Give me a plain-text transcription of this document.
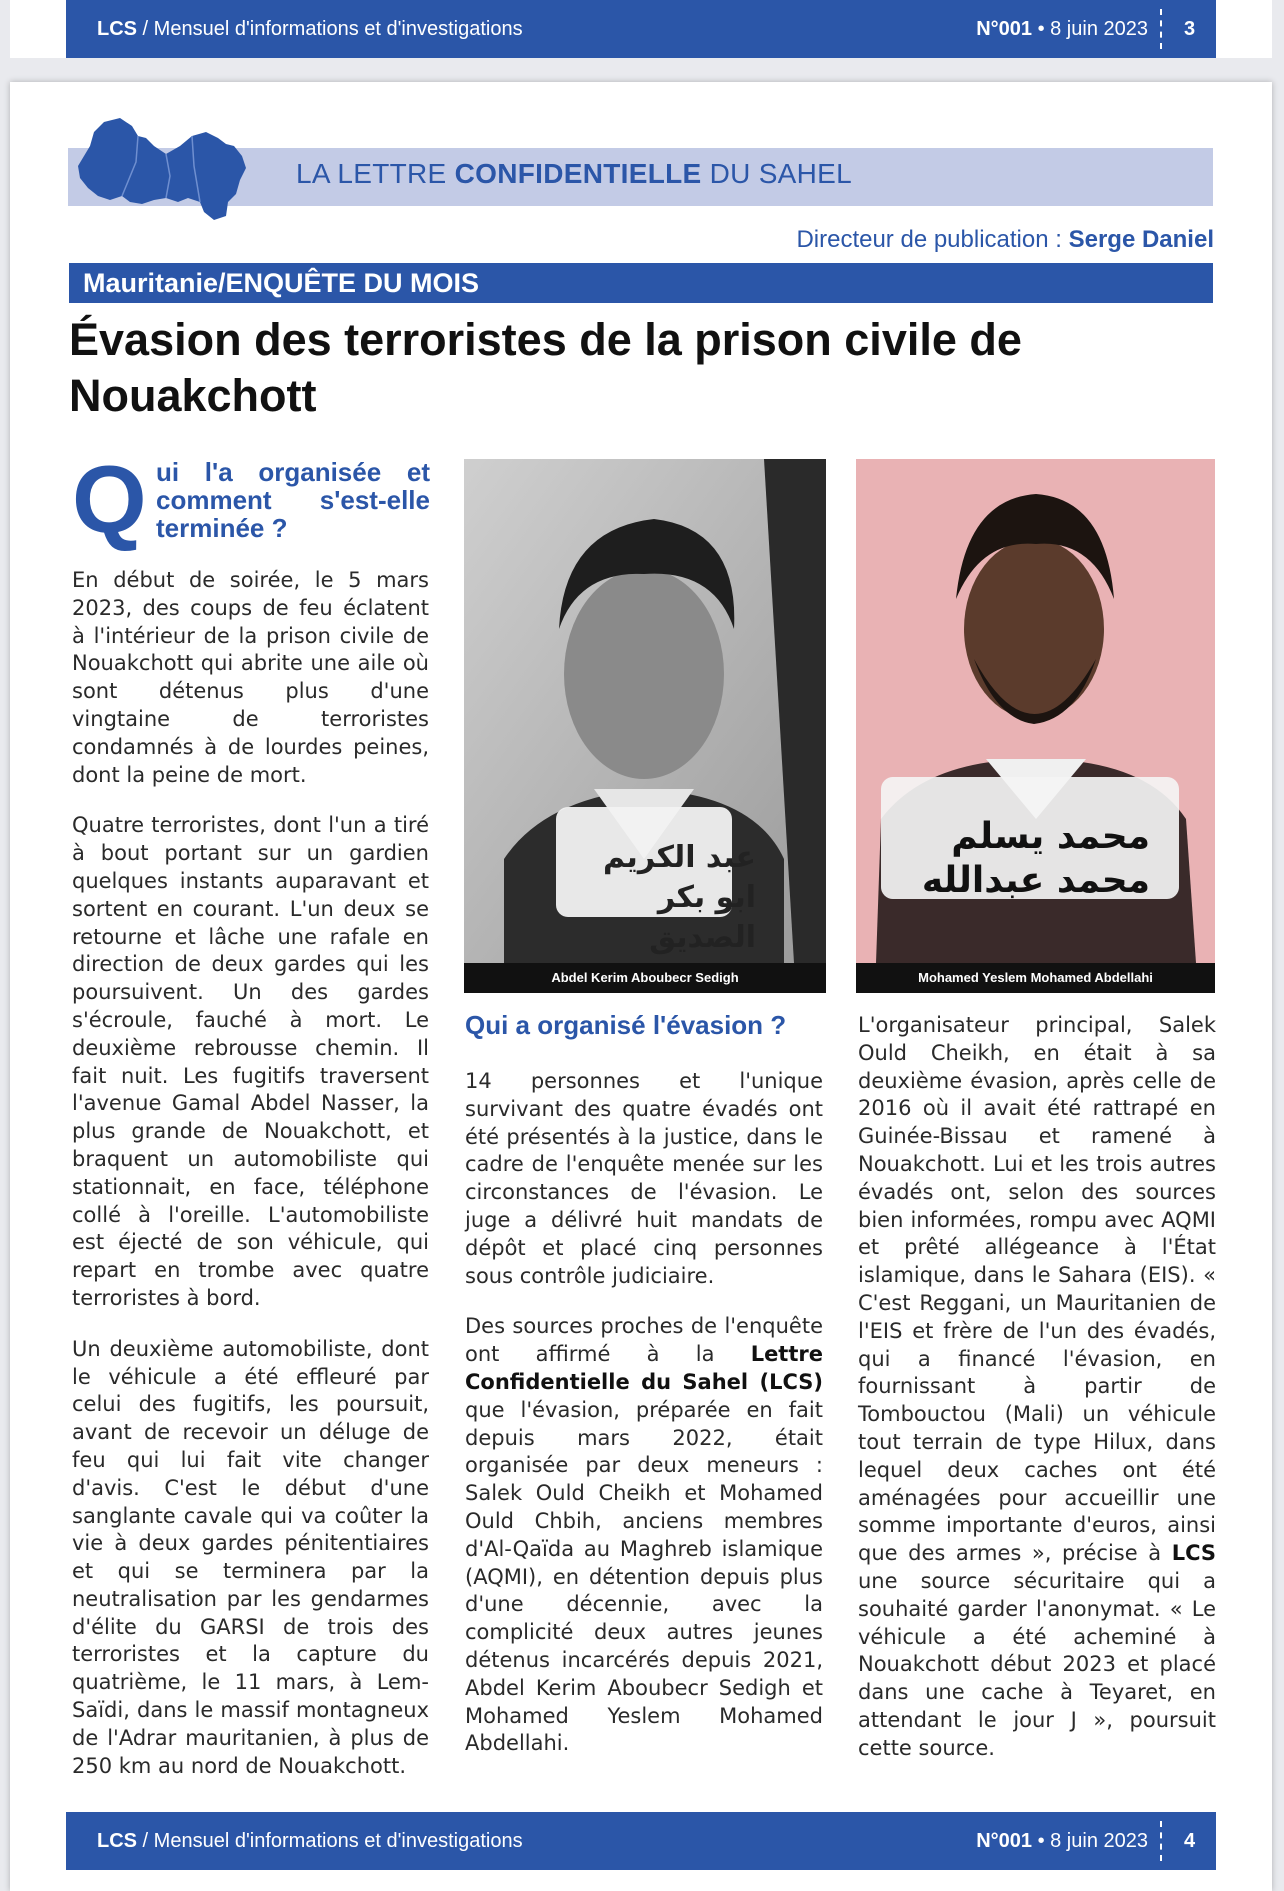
LCS / Mensuel d'informations et d'investigations	N°001 • 8 juin 2023 3
LA LETTRE CONFIDENTIELLE DU SAHEL
Directeur de publication : Serge Daniel
Mauritanie/ENQUÊTE DU MOIS
Évasion des terroristes de la prison civile de Nouakchott
Q ui l'a organisée et comment s'est-elle terminée ?

En début de soirée, le 5 mars 2023, des coups de feu éclatent à l'intérieur de la prison civile de Nouakchott qui abrite une aile où sont détenus plus d'une vingtaine de terroristes condamnés à de lourdes peines, dont la peine de mort.

Quatre terroristes, dont l'un a tiré à bout portant sur un gardien quelques instants auparavant et sortent en courant. L'un deux se retourne et lâche une rafale en direction de deux gardes qui les poursuivent. Un des gardes s'écroule, fauché à mort. Le deuxième rebrousse chemin. Il fait nuit. Les fugitifs traversent l'avenue Gamal Abdel Nasser, la plus grande de Nouakchott, et braquent un automobiliste qui stationnait, en face, téléphone collé à l'oreille. L'automobiliste est éjecté de son véhicule, qui repart en trombe avec quatre terroristes à bord.

Un deuxième automobiliste, dont le véhicule a été effleuré par celui des fugitifs, les poursuit, avant de recevoir un déluge de feu qui lui fait vite changer d'avis. C'est le début d'une sanglante cavale qui va coûter la vie à deux gardes pénitentiaires et qui se terminera par la neutralisation par les gendarmes d'élite du GARSI de trois des terroristes et la capture du quatrième, le 11 mars, à Lem-Saïdi, dans le massif montagneux de l'Adrar mauritanien, à plus de 250 km au nord de Nouakchott.

عبد الكريم
ابو بكر الصديق
Abdel Kerim Aboubecr Sedigh
محمد يسلم
محمد عبدالله
Mohamed Yeslem Mohamed Abdellahi
Qui a organisé l'évasion ?

14 personnes et l'unique survivant des quatre évadés ont été présentés à la justice, dans le cadre de l'enquête menée sur les circonstances de l'évasion. Le juge a délivré huit mandats de dépôt et placé cinq personnes sous contrôle judiciaire.

Des sources proches de l'enquête ont affirmé à la Lettre Confidentielle du Sahel (LCS) que l'évasion, préparée en fait depuis mars 2022, était organisée par deux meneurs : Salek Ould Cheikh et Mohamed Ould Chbih, anciens membres d'Al-Qaïda au Maghreb islamique (AQMI), en détention depuis plus d'une décennie, avec la complicité deux autres jeunes détenus incarcérés depuis 2021, Abdel Kerim Aboubecr Sedigh et Mohamed Yeslem Mohamed Abdellahi.

L'organisateur principal, Salek Ould Cheikh, en était à sa deuxième évasion, après celle de 2016 où il avait été rattrapé en Guinée-Bissau et ramené à Nouakchott. Lui et les trois autres évadés ont, selon des sources bien informées, rompu avec AQMI et prêté allégeance à l'État islamique, dans le Sahara (EIS). « C'est Reggani, un Mauritanien de l'EIS et frère de l'un des évadés, qui a financé l'évasion, en fournissant à partir de Tombouctou (Mali) un véhicule tout terrain de type Hilux, dans lequel deux caches ont été aménagées pour accueillir une somme importante d'euros, ainsi que des armes », précise à LCS une source sécuritaire qui a souhaité garder l'anonymat. « Le véhicule a été acheminé à Nouakchott début 2023 et placé dans une cache à Teyaret, en attendant le jour J », poursuit cette source.

LCS / Mensuel d'informations et d'investigations	N°001 • 8 juin 2023 4
